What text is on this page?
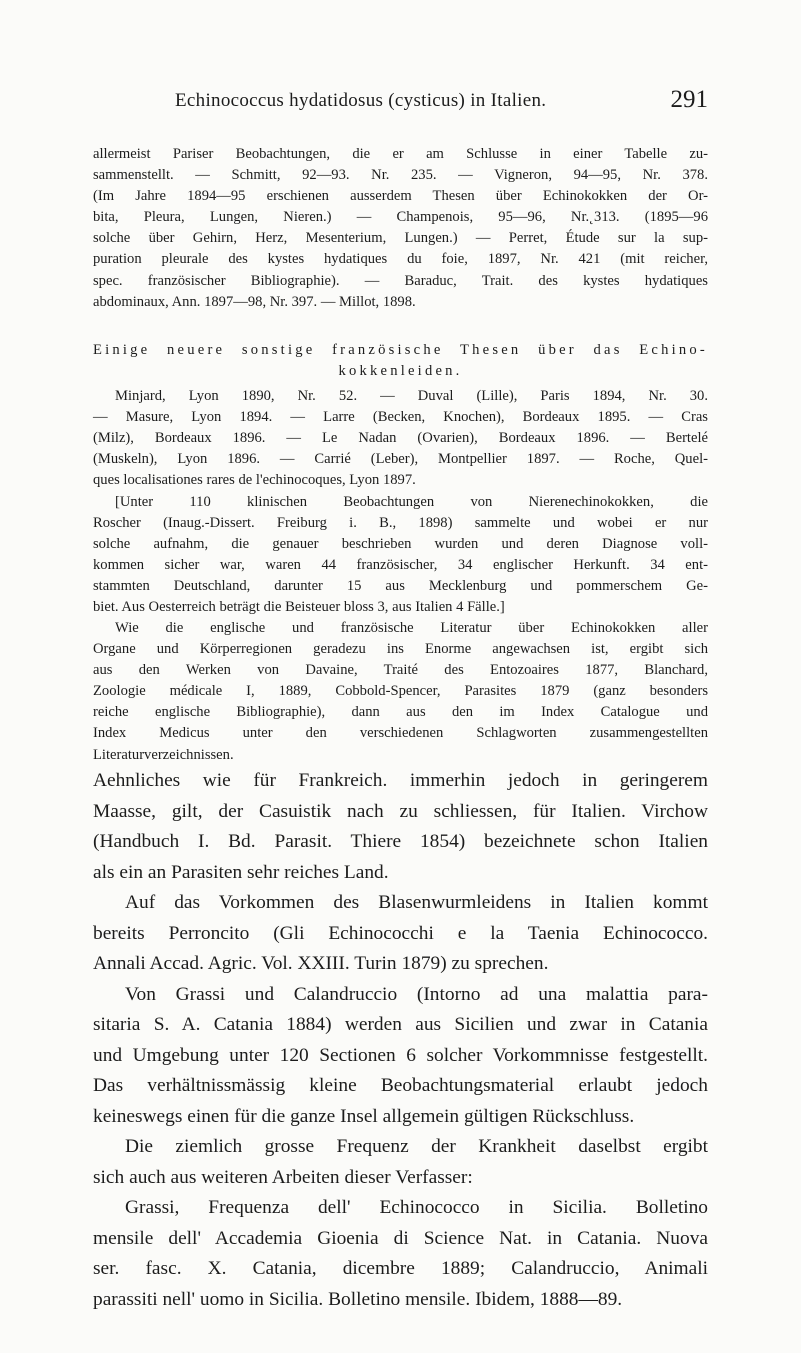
Echinococcus hydatidosus (cysticus) in Italien.	291
allermeist Pariser Beobachtungen, die er am Schlusse in einer Tabelle zu-
sammenstellt. — Schmitt, 92—93. Nr. 235. — Vigneron, 94—95, Nr. 378.
(Im Jahre 1894—95 erschienen ausserdem Thesen über Echinokokken der Or-
bita, Pleura, Lungen, Nieren.) — Champenois, 95—96, Nr.˛313. (1895—96
solche über Gehirn, Herz, Mesenterium, Lungen.) — Perret, Étude sur la sup-
puration pleurale des kystes hydatiques du foie, 1897, Nr. 421 (mit reicher,
spec. französischer Bibliographie). — Baraduc, Trait. des kystes hydatiques
abdominaux, Ann. 1897—98, Nr. 397. — Millot, 1898.
Einige neuere sonstige französische Thesen über das Echino-
kokkenleiden.
Minjard, Lyon 1890, Nr. 52. — Duval (Lille), Paris 1894, Nr. 30.
— Masure, Lyon 1894. — Larre (Becken, Knochen), Bordeaux 1895. — Cras
(Milz), Bordeaux 1896. — Le Nadan (Ovarien), Bordeaux 1896. — Bertelé
(Muskeln), Lyon 1896. — Carrié (Leber), Montpellier 1897. — Roche, Quel-
ques localisationes rares de l'echinocoques, Lyon 1897.
[Unter 110 klinischen Beobachtungen von Nierenechinokokken, die
Roscher (Inaug.-Dissert. Freiburg i. B., 1898) sammelte und wobei er nur
solche aufnahm, die genauer beschrieben wurden und deren Diagnose voll-
kommen sicher war, waren 44 französischer, 34 englischer Herkunft. 34 ent-
stammten Deutschland, darunter 15 aus Mecklenburg und pommerschem Ge-
biet. Aus Oesterreich beträgt die Beisteuer bloss 3, aus Italien 4 Fälle.]
Wie die englische und französische Literatur über Echinokokken aller
Organe und Körperregionen geradezu ins Enorme angewachsen ist, ergibt sich
aus den Werken von Davaine, Traité des Entozoaires 1877, Blanchard,
Zoologie médicale I, 1889, Cobbold-Spencer, Parasites 1879 (ganz besonders
reiche englische Bibliographie), dann aus den im Index Catalogue und
Index Medicus unter den verschiedenen Schlagworten zusammengestellten
Literaturverzeichnissen.
Aehnliches wie für Frankreich. immerhin jedoch in geringerem
Maasse, gilt, der Casuistik nach zu schliessen, für Italien. Virchow
(Handbuch I. Bd. Parasit. Thiere 1854) bezeichnete schon Italien
als ein an Parasiten sehr reiches Land.
Auf das Vorkommen des Blasenwurmleidens in Italien kommt
bereits Perroncito (Gli Echinococchi e la Taenia Echinococco.
Annali Accad. Agric. Vol. XXIII. Turin 1879) zu sprechen.
Von Grassi und Calandruccio (Intorno ad una malattia para-
sitaria S. A. Catania 1884) werden aus Sicilien und zwar in Catania
und Umgebung unter 120 Sectionen 6 solcher Vorkommnisse festgestellt.
Das verhältnissmässig kleine Beobachtungsmaterial erlaubt jedoch
keineswegs einen für die ganze Insel allgemein gültigen Rückschluss.
Die ziemlich grosse Frequenz der Krankheit daselbst ergibt
sich auch aus weiteren Arbeiten dieser Verfasser:
Grassi, Frequenza dell' Echinococco in Sicilia. Bolletino
mensile dell' Accademia Gioenia di Science Nat. in Catania. Nuova
ser. fasc. X. Catania, dicembre 1889; Calandruccio, Animali
parassiti nell' uomo in Sicilia. Bolletino mensile. Ibidem, 1888—89.
